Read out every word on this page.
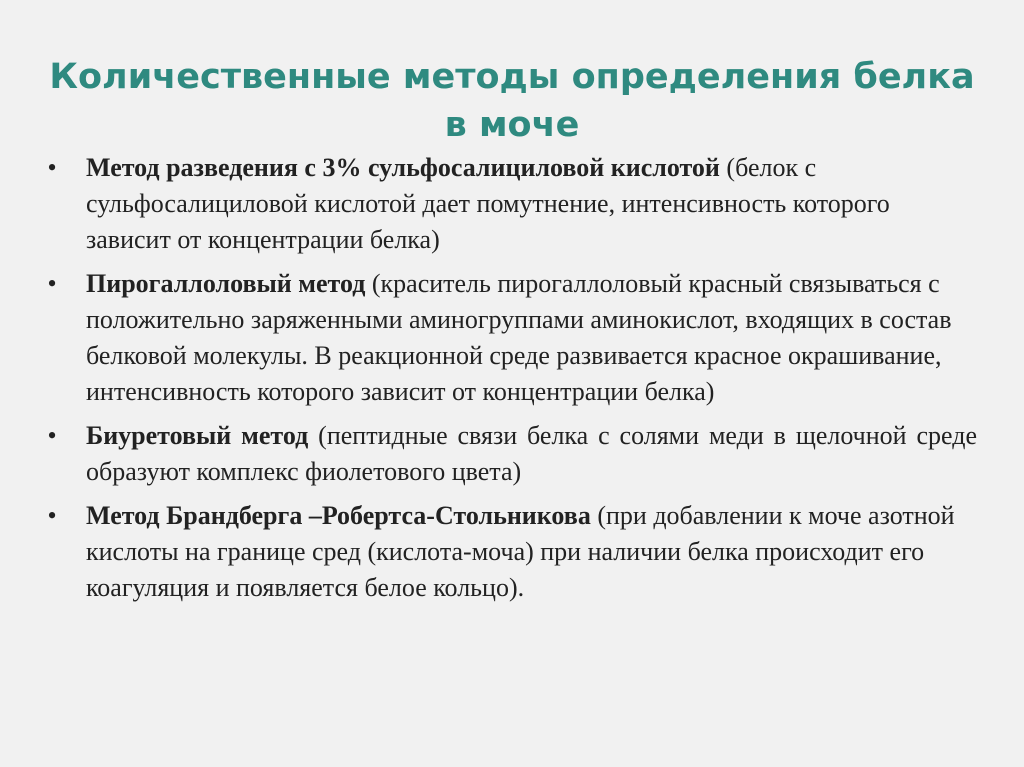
Количественные методы определения белка
в моче
• Метод разведения с 3% сульфосалициловой кислотой (белок с сульфосалициловой кислотой дает помутнение, интенсивность которого зависит от концентрации белка)
• Пирогаллоловый метод (краситель пирогаллоловый красный связываться с положительно заряженными аминогруппами аминокислот, входящих в состав белковой молекулы. В реакционной среде развивается красное окрашивание, интенсивность которого зависит от концентрации белка)
• Биуретовый метод (пептидные связи белка с солями меди в щелочной среде образуют комплекс фиолетового цвета)
• Метод Брандберга –Робертса-Стольникова (при добавлении к моче азотной кислоты на границе сред (кислота-моча) при наличии белка происходит его коагуляция и появляется белое кольцо).
